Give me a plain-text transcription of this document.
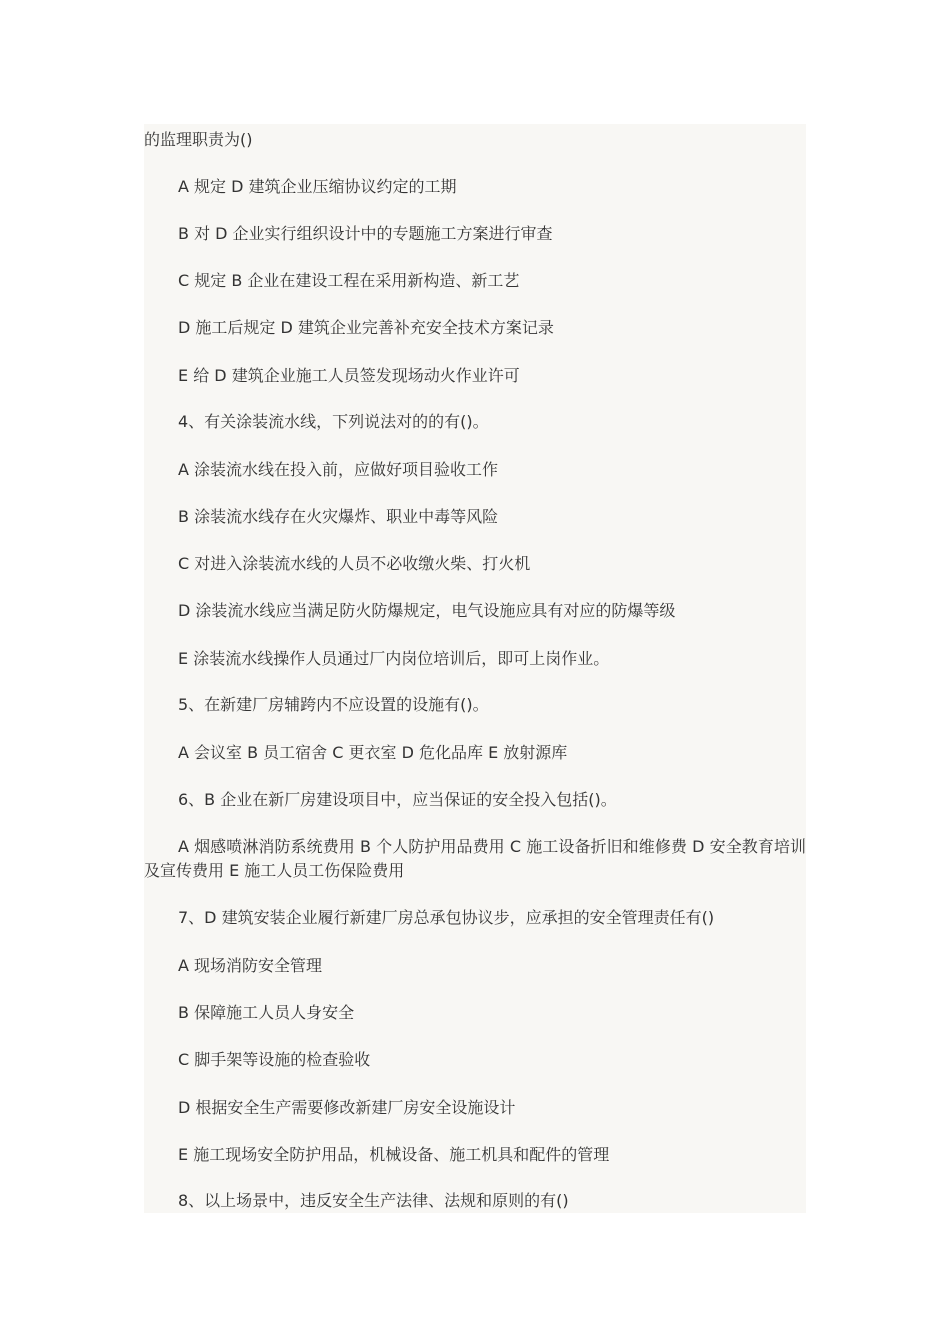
的监理职责为()
A 规定 D 建筑企业压缩协议约定的工期
B 对 D 企业实行组织设计中的专题施工方案进行审查
C 规定 B 企业在建设工程在采用新构造、新工艺
D 施工后规定 D 建筑企业完善补充安全技术方案记录
E 给 D 建筑企业施工人员签发现场动火作业许可
4、有关涂装流水线，下列说法对的的有()。
A 涂装流水线在投入前，应做好项目验收工作
B 涂装流水线存在火灾爆炸、职业中毒等风险
C 对进入涂装流水线的人员不必收缴火柴、打火机
D 涂装流水线应当满足防火防爆规定，电气设施应具有对应的防爆等级
E 涂装流水线操作人员通过厂内岗位培训后，即可上岗作业。
5、在新建厂房辅跨内不应设置的设施有()。
A 会议室 B 员工宿舍 C 更衣室 D 危化品库 E 放射源库
6、B 企业在新厂房建设项目中，应当保证的安全投入包括()。
A 烟感喷淋消防系统费用 B 个人防护用品费用 C 施工设备折旧和维修费 D 安全教育培训及宣传费用 E 施工人员工伤保险费用
7、D 建筑安装企业履行新建厂房总承包协议步，应承担的安全管理责任有()
A 现场消防安全管理
B 保障施工人员人身安全
C 脚手架等设施的检查验收
D 根据安全生产需要修改新建厂房安全设施设计
E 施工现场安全防护用品，机械设备、施工机具和配件的管理
8、以上场景中，违反安全生产法律、法规和原则的有()
